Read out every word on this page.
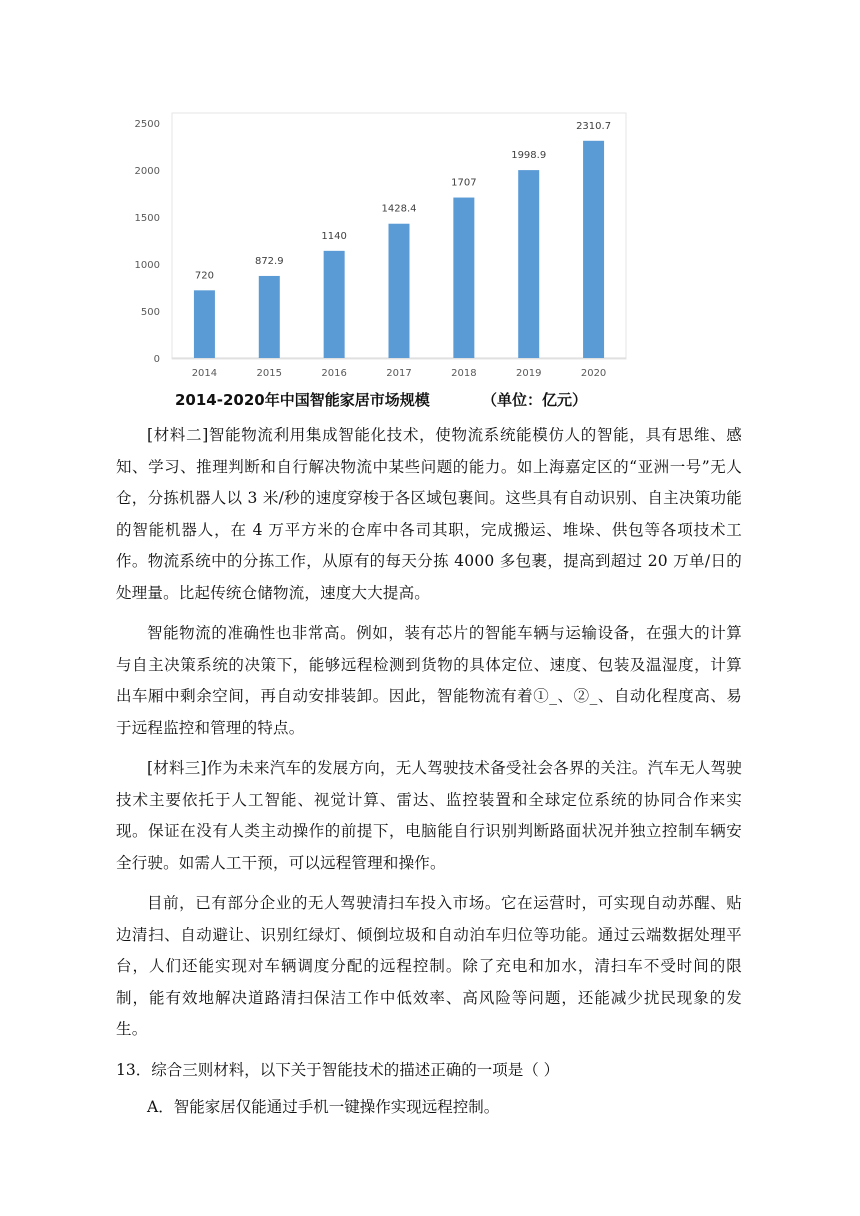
720
872.9
1140
1428.4
1707
1998.9
2310.7
0
500
1000
1500
2000
2500
2014	2015	2016	2017	2018	2019	2020
2014-2020年中国智能家居市场规模	（单位：亿元）

[材料二]智能物流利用集成智能化技术，使物流系统能模仿人的智能，具有思维、感知、学习、推理判断和自行解决物流中某些问题的能力。如上海嘉定区的“亚洲一号”无人仓，分拣机器人以 3 米/秒的速度穿梭于各区域包裹间。这些具有自动识别、自主决策功能的智能机器人，在 4 万平方米的仓库中各司其职，完成搬运、堆垛、供包等各项技术工作。物流系统中的分拣工作，从原有的每天分拣 4000 多包裹，提高到超过 20 万单/日的处理量。比起传统仓储物流，速度大大提高。

智能物流的准确性也非常高。例如，装有芯片的智能车辆与运输设备，在强大的计算与自主决策系统的决策下，能够远程检测到货物的具体定位、速度、包装及温湿度，计算出车厢中剩余空间，再自动安排装卸。因此，智能物流有着①_、②_、自动化程度高、易于远程监控和管理的特点。

[材料三]作为未来汽车的发展方向，无人驾驶技术备受社会各界的关注。汽车无人驾驶技术主要依托于人工智能、视觉计算、雷达、监控装置和全球定位系统的协同合作来实现。保证在没有人类主动操作的前提下，电脑能自行识别判断路面状况并独立控制车辆安全行驶。如需人工干预，可以远程管理和操作。

目前，已有部分企业的无人驾驶清扫车投入市场。它在运营时，可实现自动苏醒、贴边清扫、自动避让、识别红绿灯、倾倒垃圾和自动泊车归位等功能。通过云端数据处理平台，人们还能实现对车辆调度分配的远程控制。除了充电和加水，清扫车不受时间的限制，能有效地解决道路清扫保洁工作中低效率、高风险等问题，还能减少扰民现象的发生。

13．综合三则材料，以下关于智能技术的描述正确的一项是（ ）

A．智能家居仅能通过手机一键操作实现远程控制。
